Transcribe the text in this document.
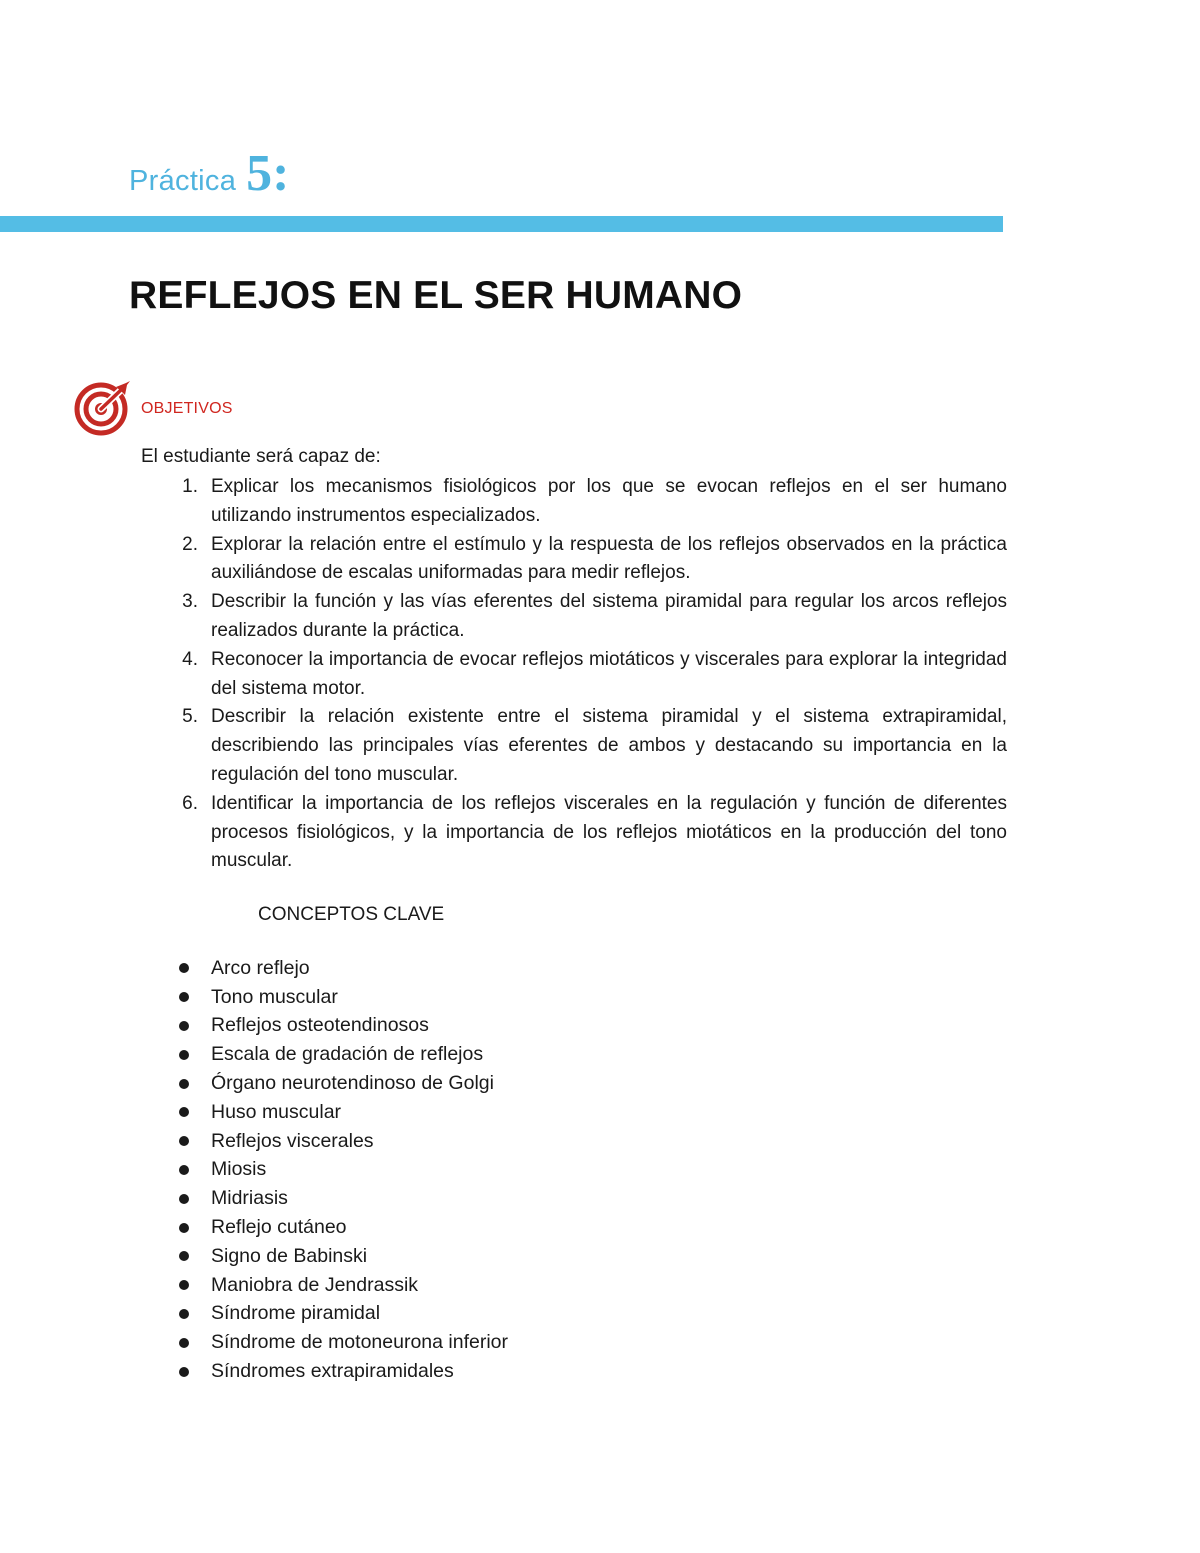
Práctica 5:
REFLEJOS EN EL SER HUMANO
OBJETIVOS
El estudiante será capaz de:
1. Explicar los mecanismos fisiológicos por los que se evocan reflejos en el ser humano utilizando instrumentos especializados.
2. Explorar la relación entre el estímulo y la respuesta de los reflejos observados en la práctica auxiliándose de escalas uniformadas para medir reflejos.
3. Describir la función y las vías eferentes del sistema piramidal para regular los arcos reflejos realizados durante la práctica.
4. Reconocer la importancia de evocar reflejos miotáticos y viscerales para explorar la integridad del sistema motor.
5. Describir la relación existente entre el sistema piramidal y el sistema extrapiramidal, describiendo las principales vías eferentes de ambos y destacando su importancia en la regulación del tono muscular.
6. Identificar la importancia de los reflejos viscerales en la regulación y función de diferentes procesos fisiológicos, y la importancia de los reflejos miotáticos en la producción del tono muscular.
CONCEPTOS CLAVE
Arco reflejo
Tono muscular
Reflejos osteotendinosos
Escala de gradación de reflejos
Órgano neurotendinoso de Golgi
Huso muscular
Reflejos viscerales
Miosis
Midriasis
Reflejo cutáneo
Signo de Babinski
Maniobra de Jendrassik
Síndrome piramidal
Síndrome de motoneurona inferior
Síndromes extrapiramidales
